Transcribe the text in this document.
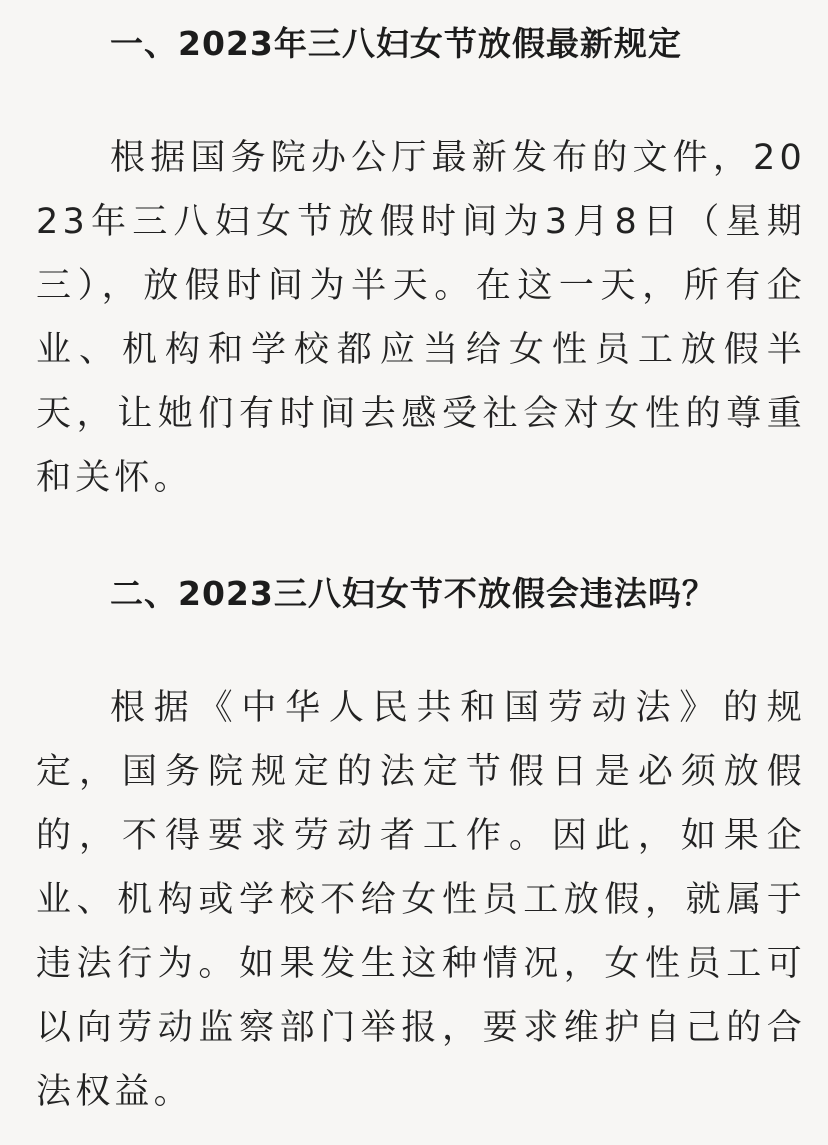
一、2023年三八妇女节放假最新规定

根据国务院办公厅最新发布的文件，2023年三八妇女节放假时间为3月8日（星期三），放假时间为半天。在这一天，所有企业、机构和学校都应当给女性员工放假半天，让她们有时间去感受社会对女性的尊重和关怀。

二、2023三八妇女节不放假会违法吗？

根据《中华人民共和国劳动法》的规定，国务院规定的法定节假日是必须放假的，不得要求劳动者工作。因此，如果企业、机构或学校不给女性员工放假，就属于违法行为。如果发生这种情况，女性员工可以向劳动监察部门举报，要求维护自己的合法权益。
